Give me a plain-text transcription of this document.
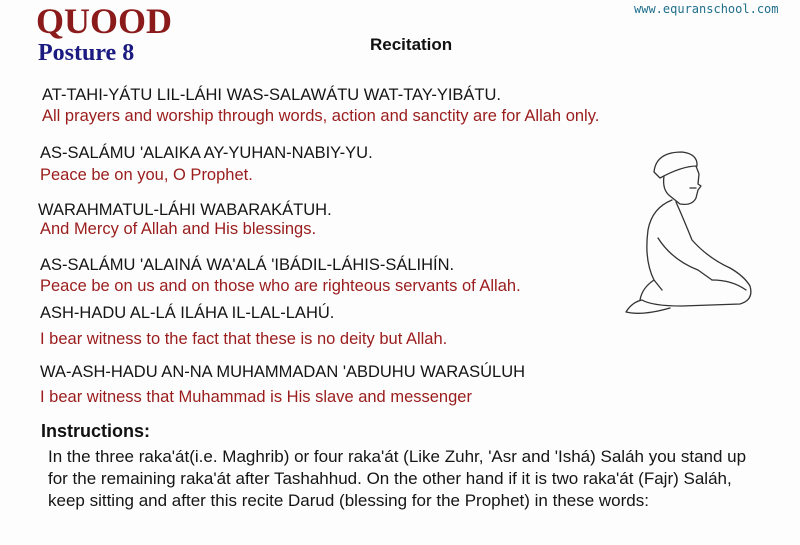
QUOOD
Posture 8
www.equranschool.com
Recitation
AT-TAHI-YÁTU LIL-LÁHI WAS-SALAWÁTU WAT-TAY-YIBÁTU.
All prayers and worship through words, action and sanctity are for Allah only.
AS-SALÁMU 'ALAIKA AY-YUHAN-NABIY-YU.
Peace be on you, O Prophet.
WARAHMATUL-LÁHI WABARAKÁTUH.
And Mercy of Allah and His blessings.
AS-SALÁMU 'ALAINÁ WA'ALÁ 'IBÁDIL-LÁHIS-SÁLIHÍN.
Peace be on us and on those who are righteous servants of Allah.
ASH-HADU AL-LÁ ILÁHA IL-LAL-LAHÚ.
I bear witness to the fact that these is no deity but Allah.
WA-ASH-HADU AN-NA MUHAMMADAN 'ABDUHU WARASÚLUH
I bear witness that Muhammad is His slave and messenger
Instructions:
In the three raka'át(i.e. Maghrib) or four raka'át (Like Zuhr, 'Asr and 'Ishá) Saláh you stand up for the remaining raka'át after Tashahhud. On the other hand if it is two raka'át (Fajr) Saláh, keep sitting and after this recite Darud (blessing for the Prophet) in these words:
